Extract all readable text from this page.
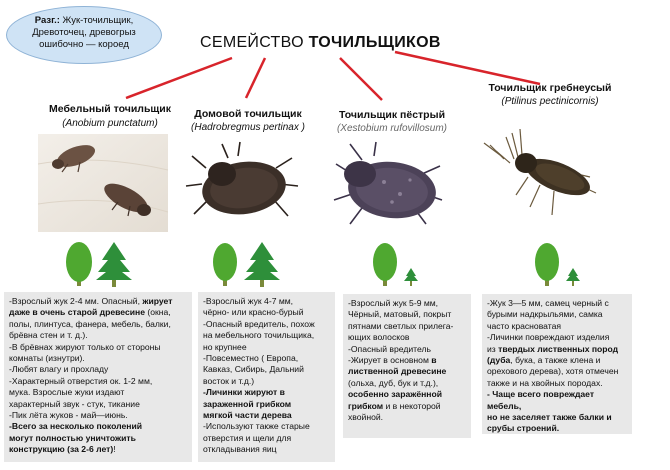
Разг.: Жук-точильщик, Древоточец, древогрыз ошибочно — короед	СЕМЕЙСТВО ТОЧИЛЬЩИКОВ
Мебельный точильщик
(Anobium punctatum)
Домовой точильщик
(Hadrobregmus pertinax )
Точильщик пёстрый
(Xestobium rufovillosum)
Точильщик гребнеусый
(Ptilinus pectinicornis)
-Взрослый жук 2-4 мм. Опасный, жирует
даже в очень старой древесине (окна,
полы, плинтуса, фанера, мебель, балки,
брёвна стен и т. д.).
-В брёвнах жируют только от стороны
комнаты (изнутри).
-Любят влагу и прохладу
-Характерный отверстия ок. 1-2 мм,
мука. Взрослые жуки издают
характерный звук - стук, тикание
-Пик лёта жуков - май—июнь.
-Всего за несколько поколений
могут полностью уничтожить
конструкцию (за 2-6 лет)!
-Взрослый жук 4-7 мм,
чёрно- или красно-бурый
-Опасный вредитель, похож
на мебельного точильщика,
но крупнее
-Повсеместно ( Европа,
Кавказ, Сибирь, Дальний
восток и т.д.)
-Личинки жируют в
зараженной грибком
мягкой части дерева
-Используют также старые
отверстия и щели для
откладывания яиц
-Взрослый жук 5-9 мм,
Чёрный, матовый, покрыт
пятнами светлых прилега-
ющих волосков
-Опасный вредитель
-Жирует в основном в
лиственной древесине
(ольха, дуб, бук и т.д.),
особенно заражённой
грибком и в некоторой
хвойной.
-Жук 3—5 мм, самец черный с
бурыми надкрыльями, самка
часто красноватая
-Личинки повреждают изделия
из твердых лиственных пород
(дуба, бука, а также клена и
орехового дерева), хотя отмечен
также и на хвойных породах.
- Чаще всего повреждает мебель,
но не заселяет также балки и
срубы строений.
